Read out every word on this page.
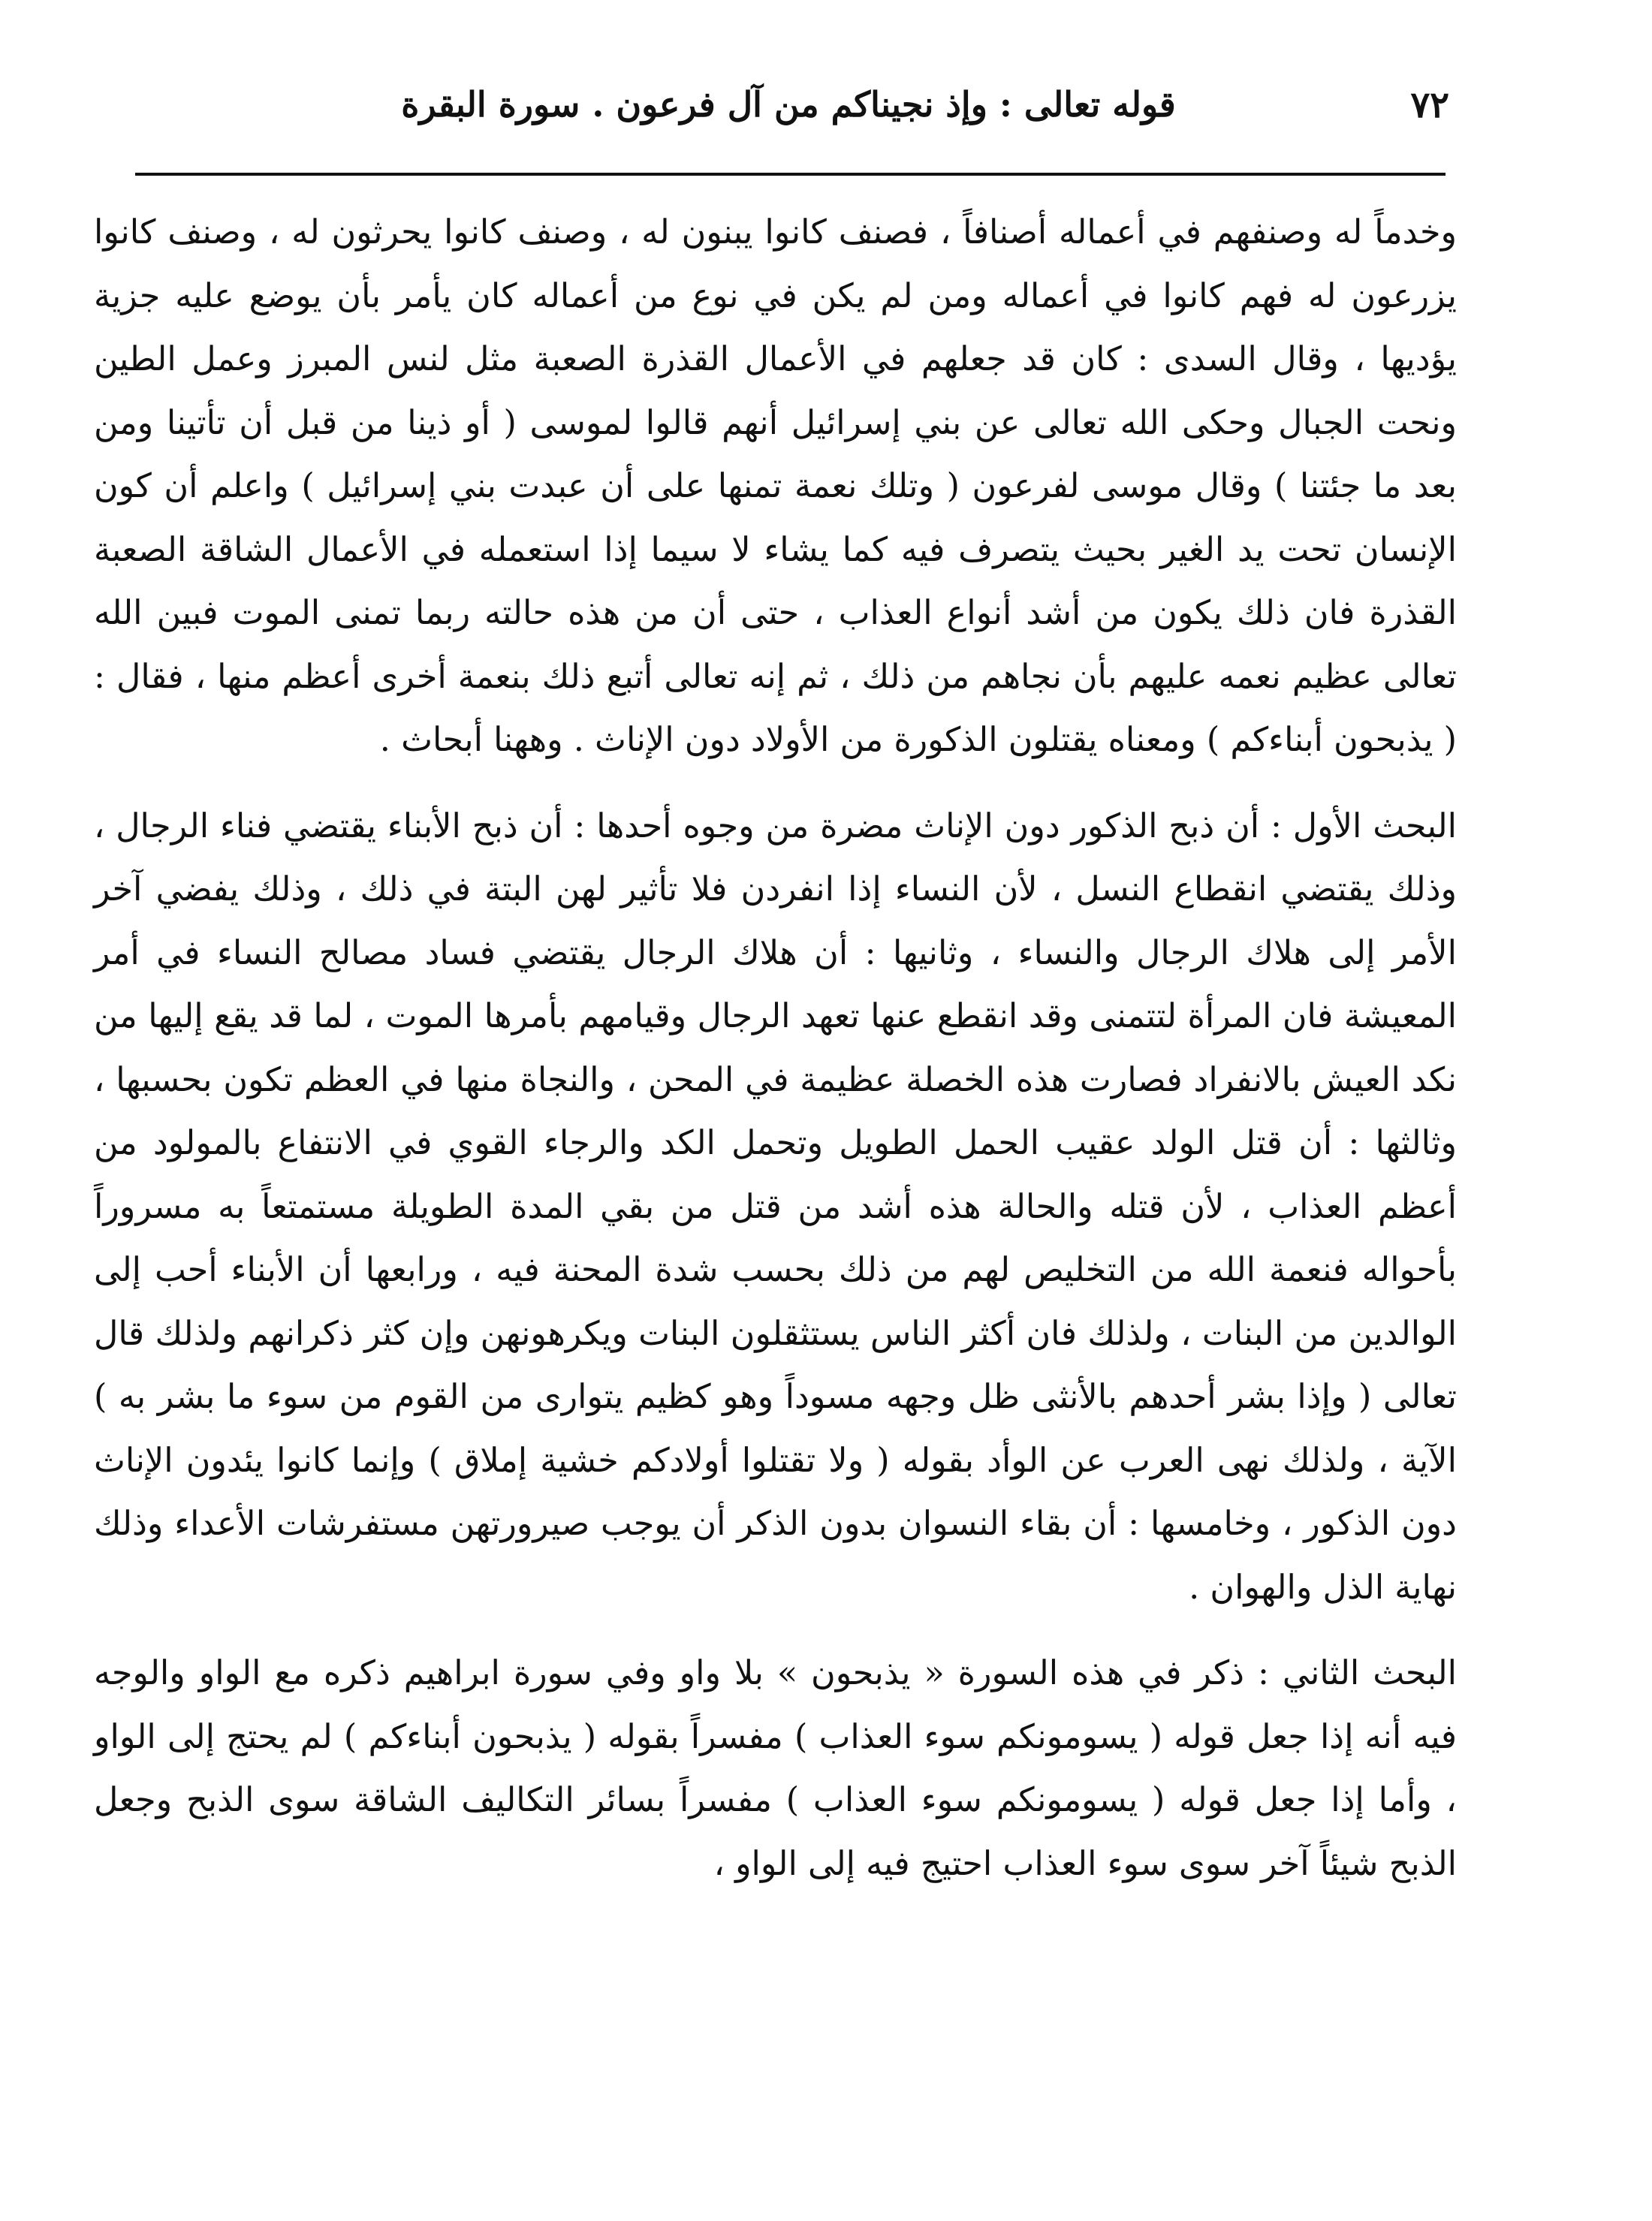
٧٢
قوله تعالى : وإذ نجيناكم من آل فرعون . سورة البقرة

وخدماً له وصنفهم في أعماله أصنافاً ، فصنف كانوا يبنون له ، وصنف كانوا يحرثون له ، وصنف كانوا يزرعون له فهم كانوا في أعماله ومن لم يكن في نوع من أعماله كان يأمر بأن يوضع عليه جزية يؤديها ، وقال السدى : كان قد جعلهم في الأعمال القذرة الصعبة مثل لنس المبرز وعمل الطين ونحت الجبال وحكى الله تعالى عن بني إسرائيل أنهم قالوا لموسى ( أو ذينا من قبل أن تأتينا ومن بعد ما جئتنا ) وقال موسى لفرعون ( وتلك نعمة تمنها على أن عبدت بني إسرائيل ) واعلم أن كون الإنسان تحت يد الغير بحيث يتصرف فيه كما يشاء لا سيما إذا استعمله في الأعمال الشاقة الصعبة القذرة فان ذلك يكون من أشد أنواع العذاب ، حتى أن من هذه حالته ربما تمنى الموت فبين الله تعالى عظيم نعمه عليهم بأن نجاهم من ذلك ، ثم إنه تعالى أتبع ذلك بنعمة أخرى أعظم منها ، فقال : ( يذبحون أبناءكم ) ومعناه يقتلون الذكورة من الأولاد دون الإناث . وههنا أبحاث .

البحث الأول : أن ذبح الذكور دون الإناث مضرة من وجوه أحدها : أن ذبح الأبناء يقتضي فناء الرجال ، وذلك يقتضي انقطاع النسل ، لأن النساء إذا انفردن فلا تأثير لهن البتة في ذلك ، وذلك يفضي آخر الأمر إلى هلاك الرجال والنساء ، وثانيها : أن هلاك الرجال يقتضي فساد مصالح النساء في أمر المعيشة فان المرأة لتتمنى وقد انقطع عنها تعهد الرجال وقيامهم بأمرها الموت ، لما قد يقع إليها من نكد العيش بالانفراد فصارت هذه الخصلة عظيمة في المحن ، والنجاة منها في العظم تكون بحسبها ، وثالثها : أن قتل الولد عقيب الحمل الطويل وتحمل الكد والرجاء القوي في الانتفاع بالمولود من أعظم العذاب ، لأن قتله والحالة هذه أشد من قتل من بقي المدة الطويلة مستمتعاً به مسروراً بأحواله فنعمة الله من التخليص لهم من ذلك بحسب شدة المحنة فيه ، ورابعها أن الأبناء أحب إلى الوالدين من البنات ، ولذلك فان أكثر الناس يستثقلون البنات ويكرهونهن وإن كثر ذكرانهم ولذلك قال تعالى ( وإذا بشر أحدهم بالأنثى ظل وجهه مسوداً وهو كظيم يتوارى من القوم من سوء ما بشر به ) الآية ، ولذلك نهى العرب عن الوأد بقوله ( ولا تقتلوا أولادكم خشية إملاق ) وإنما كانوا يئدون الإناث دون الذكور ، وخامسها : أن بقاء النسوان بدون الذكر أن يوجب صيرورتهن مستفرشات الأعداء وذلك نهاية الذل والهوان .

البحث الثاني : ذكر في هذه السورة « يذبحون » بلا واو وفي سورة ابراهيم ذكره مع الواو والوجه فيه أنه إذا جعل قوله ( يسومونكم سوء العذاب ) مفسراً بقوله ( يذبحون أبناءكم ) لم يحتج إلى الواو ، وأما إذا جعل قوله ( يسومونكم سوء العذاب ) مفسراً بسائر التكاليف الشاقة سوى الذبح وجعل الذبح شيئاً آخر سوى سوء العذاب احتيج فيه إلى الواو ،
